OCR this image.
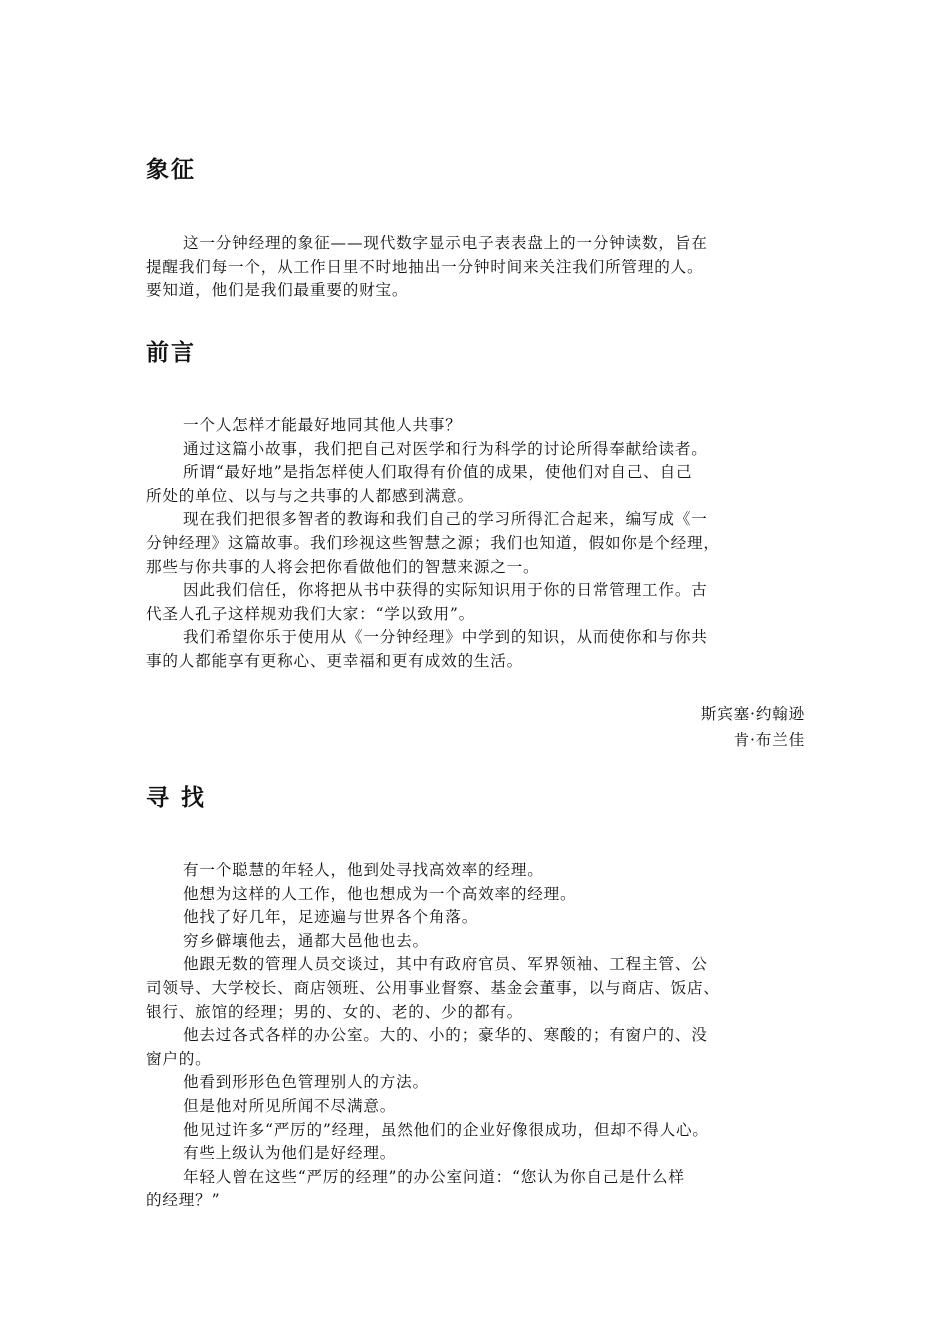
象征

这一分钟经理的象征——现代数字显示电子表表盘上的一分钟读数，旨在
提醒我们每一个，从工作日里不时地抽出一分钟时间来关注我们所管理的人。
要知道，他们是我们最重要的财宝。

前言

一个人怎样才能最好地同其他人共事？

通过这篇小故事，我们把自己对医学和行为科学的讨论所得奉献给读者。

所谓“最好地”是指怎样使人们取得有价值的成果，使他们对自己、自己
所处的单位、以与与之共事的人都感到满意。

现在我们把很多智者的教诲和我们自己的学习所得汇合起来，编写成《一
分钟经理》这篇故事。我们珍视这些智慧之源；我们也知道，假如你是个经理，
那些与你共事的人将会把你看做他们的智慧来源之一。

因此我们信任，你将把从书中获得的实际知识用于你的日常管理工作。古
代圣人孔子这样规劝我们大家：“学以致用”。

我们希望你乐于使用从《一分钟经理》中学到的知识，从而使你和与你共
事的人都能享有更称心、更幸福和更有成效的生活。

斯宾塞·约翰逊
肯·布兰佳
寻找

有一个聪慧的年轻人，他到处寻找高效率的经理。

他想为这样的人工作，他也想成为一个高效率的经理。

他找了好几年，足迹遍与世界各个角落。

穷乡僻壤他去，通都大邑他也去。

他跟无数的管理人员交谈过，其中有政府官员、军界领袖、工程主管、公
司领导、大学校长、商店领班、公用事业督察、基金会董事，以与商店、饭店、
银行、旅馆的经理；男的、女的、老的、少的都有。

他去过各式各样的办公室。大的、小的；豪华的、寒酸的；有窗户的、没
窗户的。

他看到形形色色管理别人的方法。

但是他对所见所闻不尽满意。

他见过许多“严厉的”经理，虽然他们的企业好像很成功，但却不得人心。

有些上级认为他们是好经理。

年轻人曾在这些“严厉的经理”的办公室问道：“您认为你自己是什么样
的经理？”
